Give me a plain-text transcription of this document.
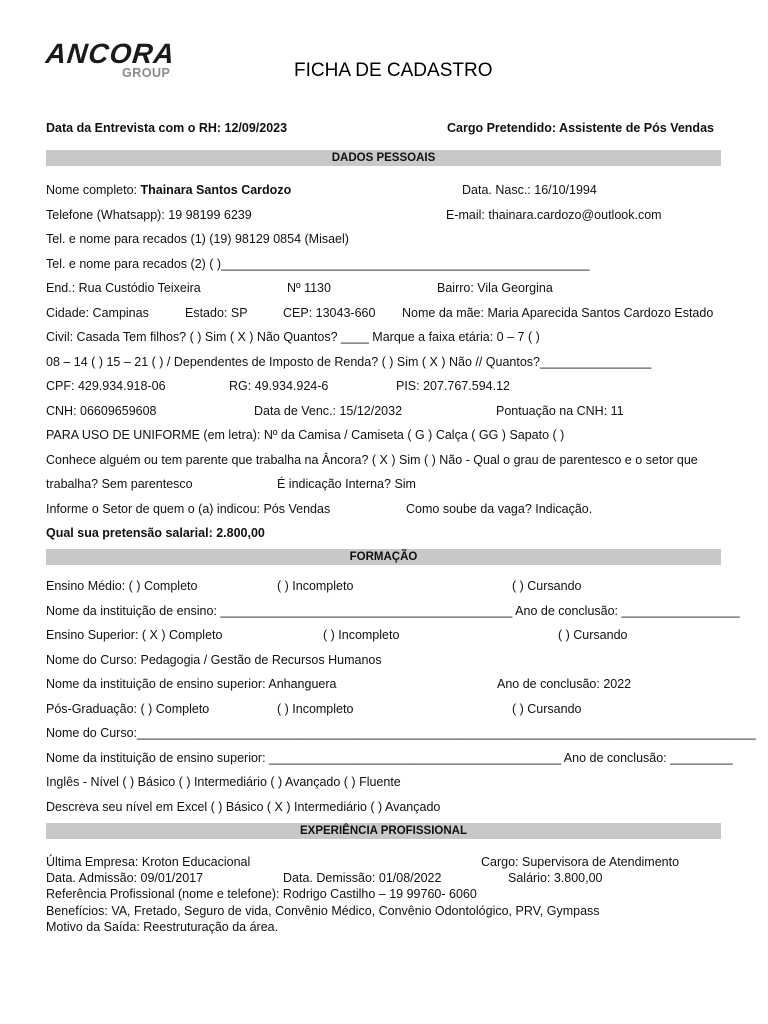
ANCORA
GROUP	FICHA DE CADASTRO
Data da Entrevista com o RH: 12/09/2023	Cargo Pretendido: Assistente de Pós Vendas
DADOS PESSOAIS
Nome completo: Thainara Santos Cardozo	Data. Nasc.: 16/10/1994
Telefone (Whatsapp): 19 98199 6239	E-mail: thainara.cardozo@outlook.com
Tel. e nome para recados (1) (19) 98129 0854 (Misael)
Tel. e nome para recados (2) ( )_____________________________________________________
End.: Rua Custódio Teixeira	Nº 1130	Bairro: Vila Georgina
Cidade: Campinas	Estado: SP	CEP: 13043-660 Nome da mãe: Maria Aparecida Santos Cardozo Estado
Civil: Casada Tem filhos? ( ) Sim ( X ) Não Quantos? ____ Marque a faixa etária: 0 – 7 ( )
08 – 14 ( ) 15 – 21 ( ) / Dependentes de Imposto de Renda? ( ) Sim ( X ) Não // Quantos?________________
CPF: 429.934.918-06	RG: 49.934.924-6	PIS: 207.767.594.12
CNH: 06609659608	Data de Venc.: 15/12/2032	Pontuação na CNH: 11
PARA USO DE UNIFORME (em letra): Nº da Camisa / Camiseta ( G ) Calça ( GG ) Sapato ( )
Conhece alguém ou tem parente que trabalha na Âncora? ( X ) Sim ( ) Não - Qual o grau de parentesco e o setor que
trabalha? Sem parentesco	É indicação Interna? Sim
Informe o Setor de quem o (a) indicou: Pós Vendas	Como soube da vaga? Indicação.
Qual sua pretensão salarial: 2.800,00
FORMAÇÃO
Ensino Médio: ( ) Completo	( ) Incompleto	( ) Cursando
Nome da instituição de ensino: __________________________________________ Ano de conclusão: _________________
Ensino Superior: ( X ) Completo	( ) Incompleto	( ) Cursando
Nome do Curso: Pedagogia / Gestão de Recursos Humanos
Nome da instituição de ensino superior: Anhanguera	Ano de conclusão: 2022
Pós-Graduação: ( ) Completo	( ) Incompleto	( ) Cursando
Nome do Curso:_________________________________________________________________________________________
Nome da instituição de ensino superior: __________________________________________ Ano de conclusão: _________
Inglês - Nível ( ) Básico ( ) Intermediário ( ) Avançado ( ) Fluente
Descreva seu nível em Excel ( ) Básico ( X ) Intermediário ( ) Avançado
EXPERIÊNCIA PROFISSIONAL
Última Empresa: Kroton Educacional	Cargo: Supervisora de Atendimento
Data. Admissão: 09/01/2017	Data. Demissão: 01/08/2022	Salário: 3.800,00
Referência Profissional (nome e telefone): Rodrigo Castilho – 19 99760- 6060
Benefícios: VA, Fretado, Seguro de vida, Convênio Médico, Convênio Odontológico, PRV, Gympass
Motivo da Saída: Reestruturação da área.
